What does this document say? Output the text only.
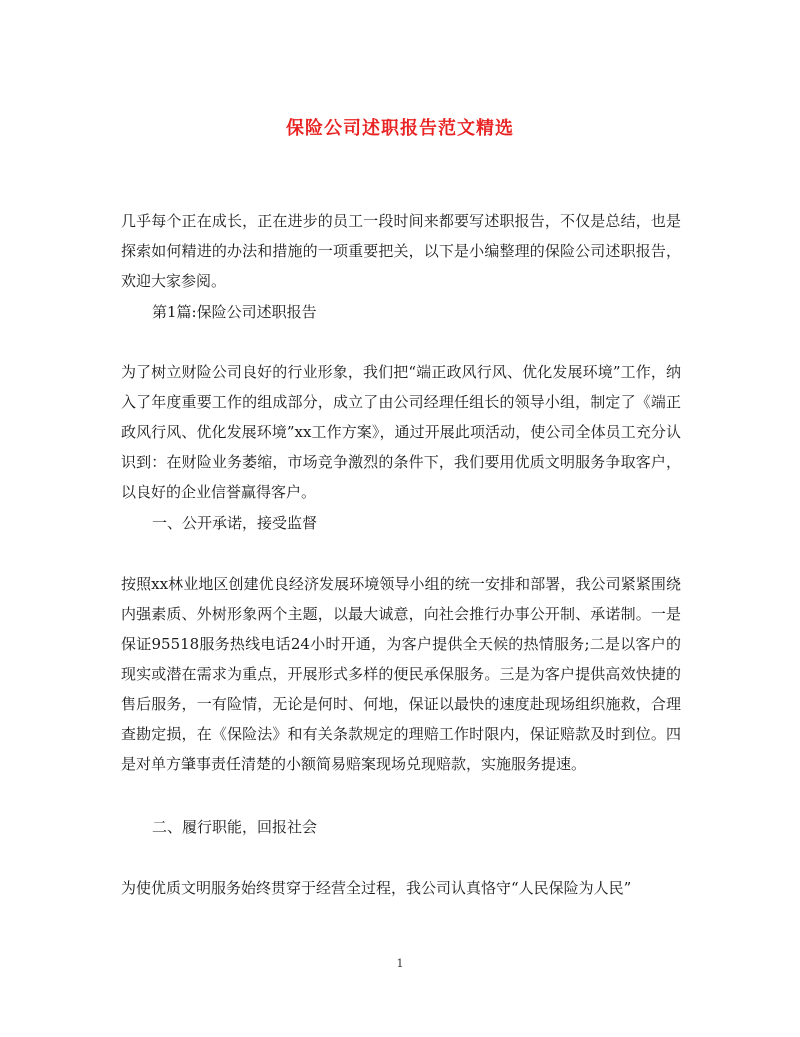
保险公司述职报告范文精选

几乎每个正在成长，正在进步的员工一段时间来都要写述职报告，不仅是总结，也是探索如何精进的办法和措施的一项重要把关，以下是小编整理的保险公司述职报告，欢迎大家参阅。

第1篇:保险公司述职报告

为了树立财险公司良好的行业形象，我们把“端正政风行风、优化发展环境”工作，纳入了年度重要工作的组成部分，成立了由公司经理任组长的领导小组，制定了《端正政风行风、优化发展环境”xx工作方案》，通过开展此项活动，使公司全体员工充分认识到：在财险业务萎缩，市场竞争激烈的条件下，我们要用优质文明服务争取客户，以良好的企业信誉赢得客户。

一、公开承诺，接受监督

按照xx林业地区创建优良经济发展环境领导小组的统一安排和部署，我公司紧紧围绕内强素质、外树形象两个主题，以最大诚意，向社会推行办事公开制、承诺制。一是保证95518服务热线电话24小时开通，为客户提供全天候的热情服务;二是以客户的现实或潜在需求为重点，开展形式多样的便民承保服务。三是为客户提供高效快捷的售后服务，一有险情，无论是何时、何地，保证以最快的速度赴现场组织施救，合理查勘定损，在《保险法》和有关条款规定的理赔工作时限内，保证赔款及时到位。四是对单方肇事责任清楚的小额简易赔案现场兑现赔款，实施服务提速。

二、履行职能，回报社会

为使优质文明服务始终贯穿于经营全过程，我公司认真恪守“人民保险为人民”

1
